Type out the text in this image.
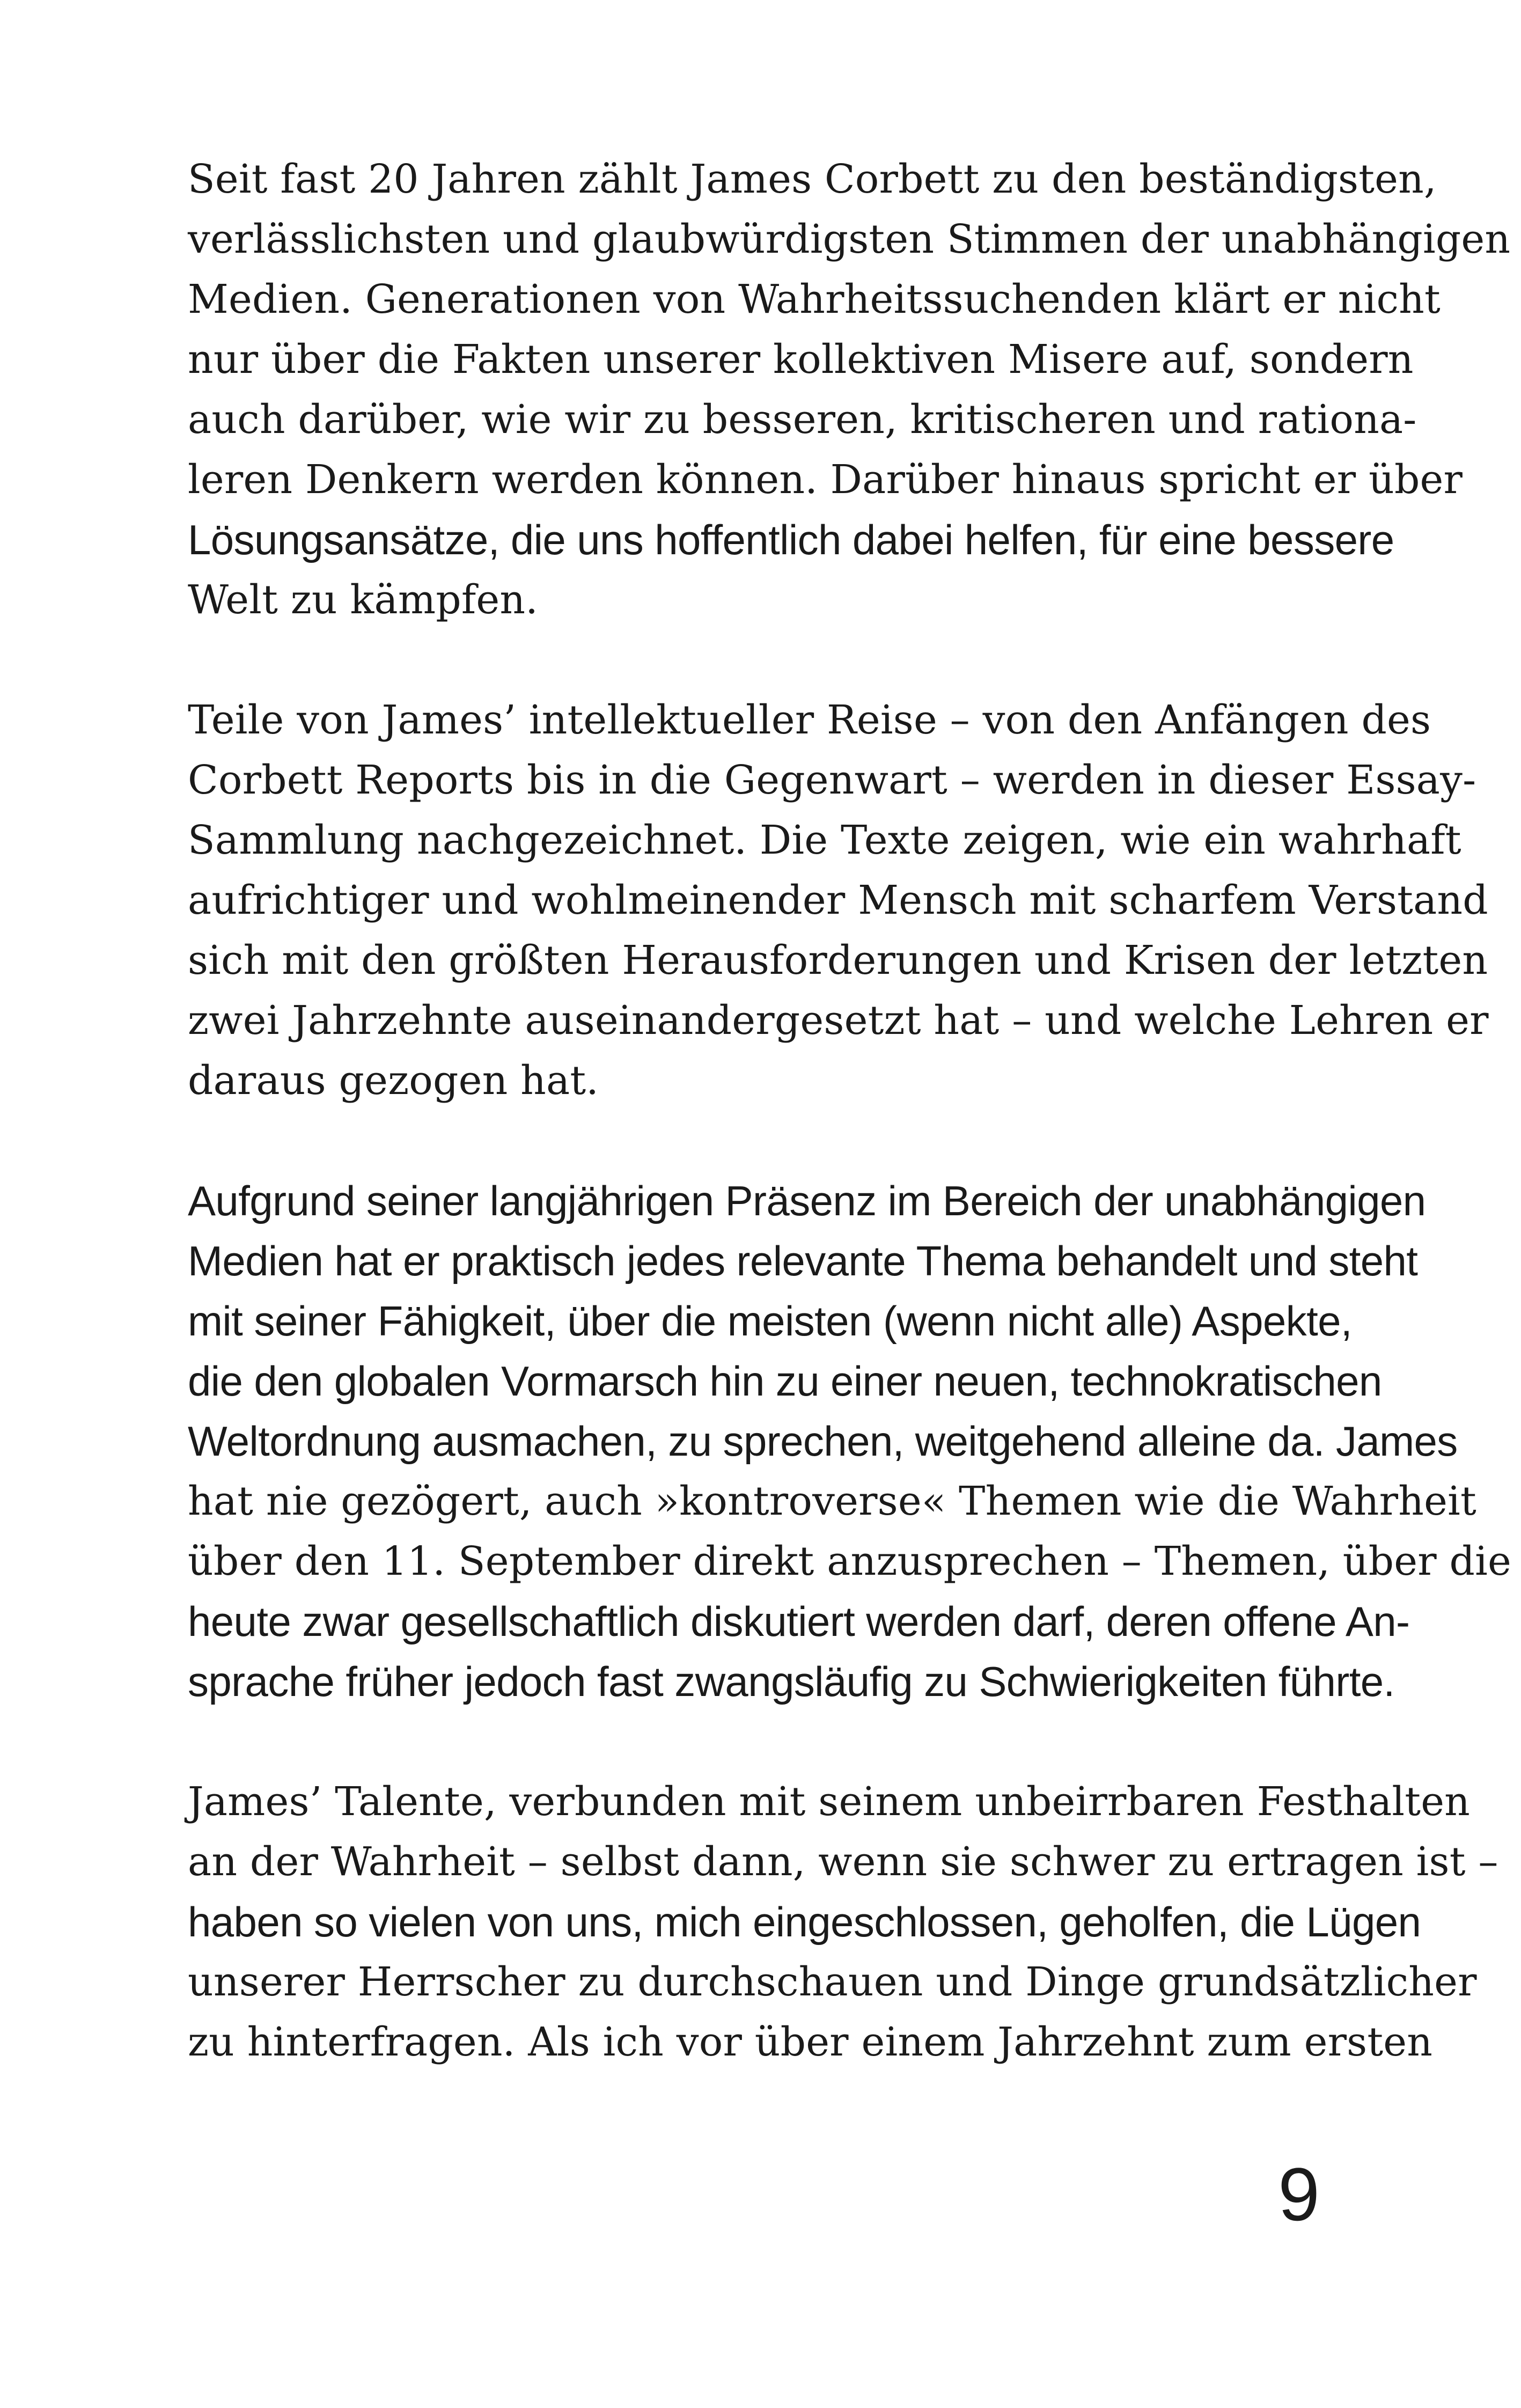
Seit fast 20 Jahren zählt James Corbett zu den beständigsten,
verlässlichsten und glaubwürdigsten Stimmen der unabhängigen
Medien. Generationen von Wahrheitssuchenden klärt er nicht
nur über die Fakten unserer kollektiven Misere auf, sondern
auch darüber, wie wir zu besseren, kritischeren und rationa-
leren Denkern werden können. Darüber hinaus spricht er über
Lösungsansätze, die uns hoffentlich dabei helfen, für eine bessere
Welt zu kämpfen.

Teile von James’ intellektueller Reise – von den Anfängen des
Corbett Reports bis in die Gegenwart – werden in dieser Essay-
Sammlung nachgezeichnet. Die Texte zeigen, wie ein wahrhaft
aufrichtiger und wohlmeinender Mensch mit scharfem Verstand
sich mit den größten Herausforderungen und Krisen der letzten
zwei Jahrzehnte auseinandergesetzt hat – und welche Lehren er
daraus gezogen hat.

Aufgrund seiner langjährigen Präsenz im Bereich der unabhängigen
Medien hat er praktisch jedes relevante Thema behandelt und steht
mit seiner Fähigkeit, über die meisten (wenn nicht alle) Aspekte,
die den globalen Vormarsch hin zu einer neuen, technokratischen
Weltordnung ausmachen, zu sprechen, weitgehend alleine da. James
hat nie gezögert, auch »kontroverse« Themen wie die Wahrheit
über den 11. September direkt anzusprechen – Themen, über die
heute zwar gesellschaftlich diskutiert werden darf, deren offene An-
sprache früher jedoch fast zwangsläufig zu Schwierigkeiten führte.

James’ Talente, verbunden mit seinem unbeirrbaren Festhalten
an der Wahrheit – selbst dann, wenn sie schwer zu ertragen ist –
haben so vielen von uns, mich eingeschlossen, geholfen, die Lügen
unserer Herrscher zu durchschauen und Dinge grundsätzlicher
zu hinterfragen. Als ich vor über einem Jahrzehnt zum ersten

9
